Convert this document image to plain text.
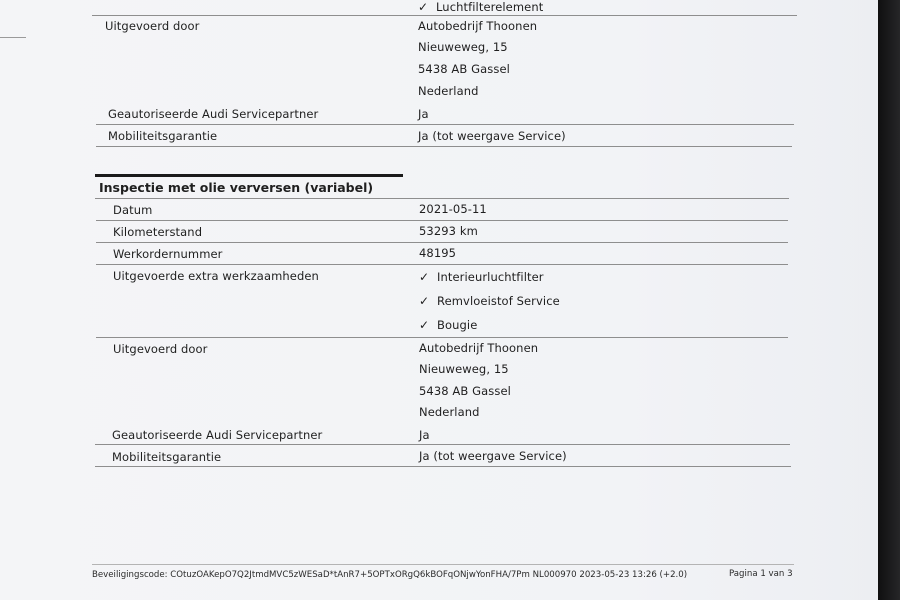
✓ Luchtfilterelement
Uitgevoerd door	Autobedrijf Thoonen
Nieuweweg, 15
5438 AB Gassel
Nederland
Geautoriseerde Audi Servicepartner	Ja
Mobiliteitsgarantie	Ja (tot weergave Service)
Inspectie met olie verversen (variabel)
Datum	2021-05-11
Kilometerstand	53293 km
Werkordernummer	48195
Uitgevoerde extra werkzaamheden	✓ Interieurluchtfilter
✓ Remvloeistof Service
✓ Bougie
Uitgevoerd door	Autobedrijf Thoonen
Nieuweweg, 15
5438 AB Gassel
Nederland
Geautoriseerde Audi Servicepartner	Ja
Mobiliteitsgarantie	Ja (tot weergave Service)
Beveiligingscode: COtuzOAKepO7Q2JtmdMVC5zWESaD*tAnR7+5OPTxORgQ6kBOFqONjwYonFHA/7Pm NL000970 2023-05-23 13:26 (+2.0)	Pagina 1 van 3
